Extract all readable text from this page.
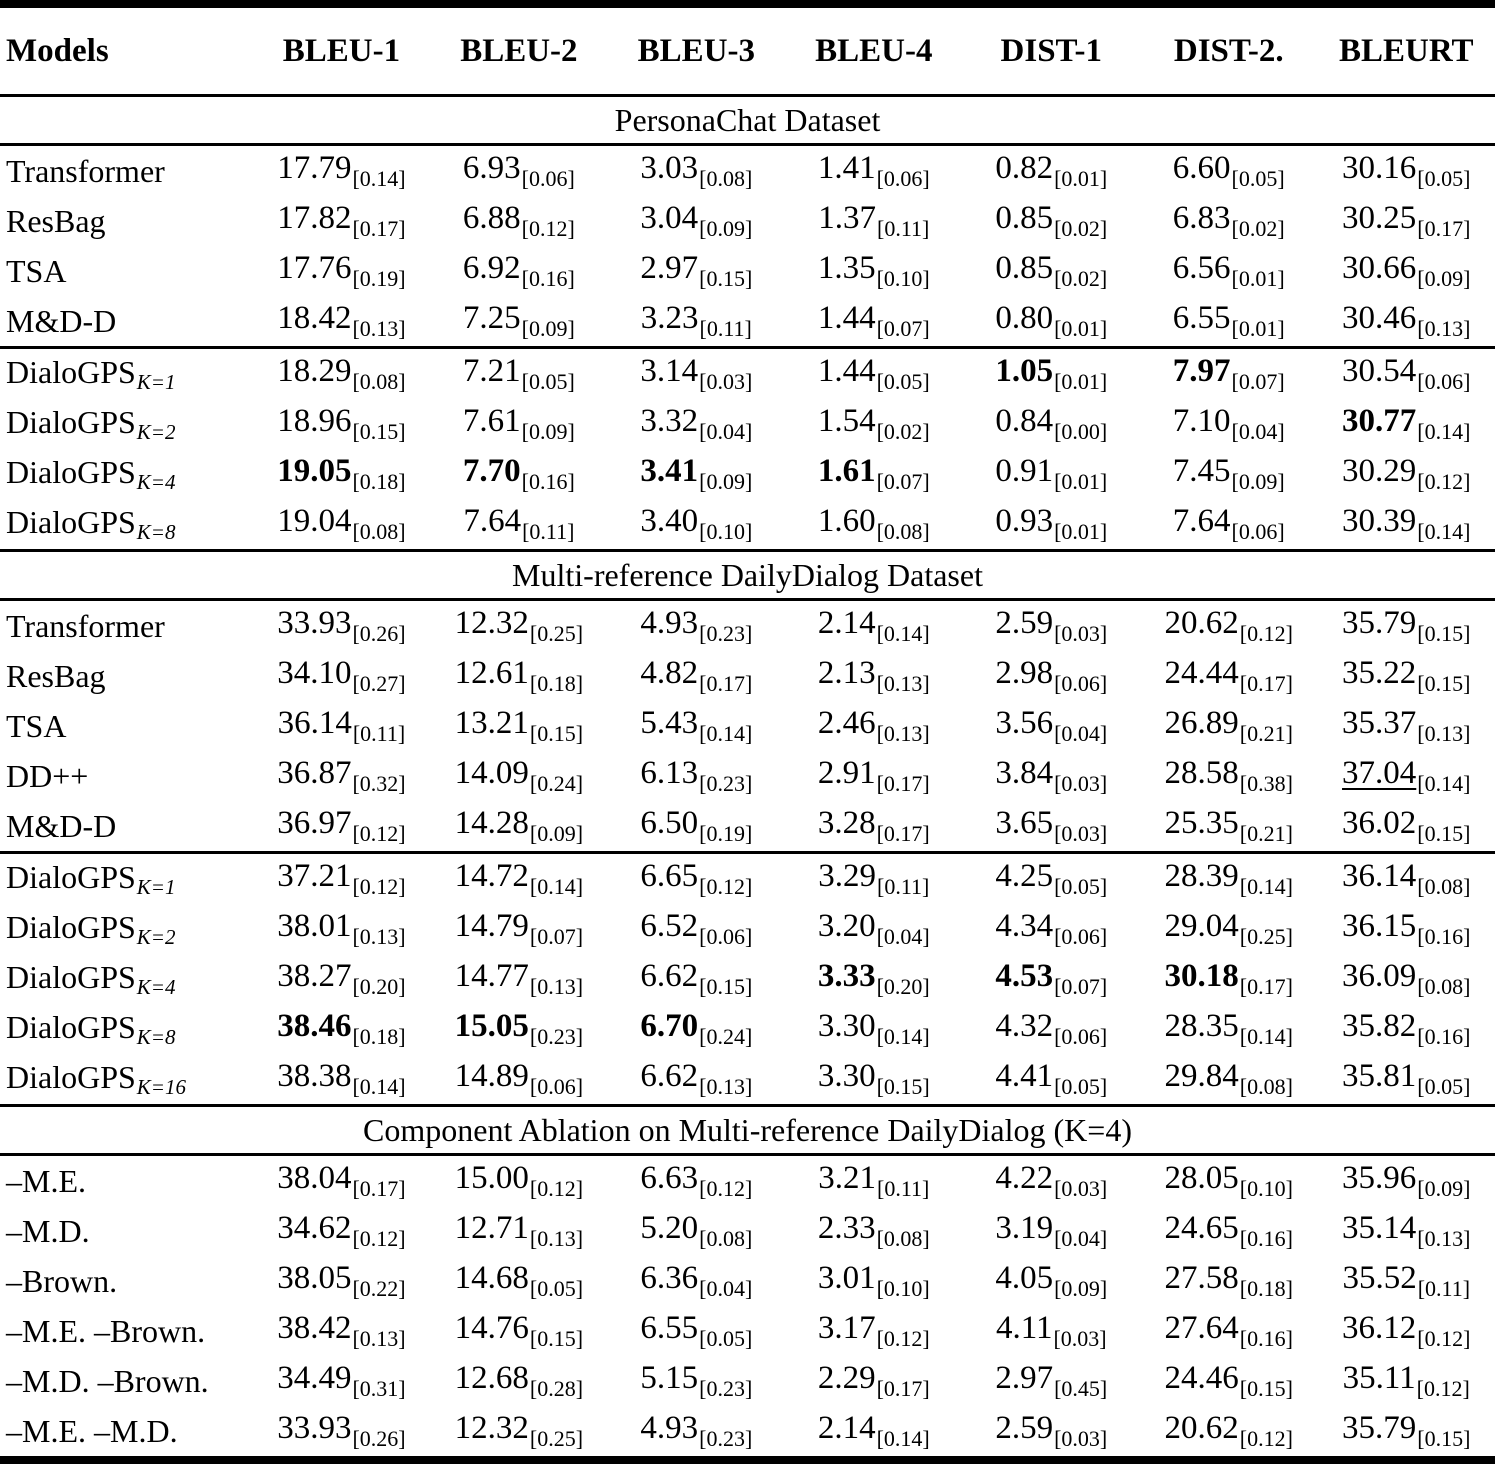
Models	BLEU-1	BLEU-2	BLEU-3	BLEU-4	DIST-1	DIST-2.	BLEURT
PersonaChat Dataset							
Transformer	$17.79_{[0.14]}$	$6.93_{[0.06]}$	$3.03_{[0.08]}$	$1.41_{[0.06]}$	$0.82_{[0.01]}$	$6.60_{[0.05]}$	$30.16_{[0.05]}$
ResBag	$17.82_{[0.17]}$	$6.88_{[0.12]}$	$3.04_{[0.09]}$	$1.37_{[0.11]}$	$0.85_{[0.02]}$	$6.83_{[0.02]}$	$30.25_{[0.17]}$
TSA	$17.76_{[0.19]}$	$6.92_{[0.16]}$	$2.97_{[0.15]}$	$1.35_{[0.10]}$	$0.85_{[0.02]}$	$6.56_{[0.01]}$	$30.66_{[0.09]}$
M&D-D	$18.42_{[0.13]}$	$7.25_{[0.09]}$	$3.23_{[0.11]}$	$1.44_{[0.07]}$	$0.80_{[0.01]}$	$6.55_{[0.01]}$	$30.46_{[0.13]}$
DialoGPSK=1	$18.29_{[0.08]}$	$7.21_{[0.05]}$	$3.14_{[0.03]}$	$1.44_{[0.05]}$	$1.05_{[0.01]}$	$7.97_{[0.07]}$	$30.54_{[0.06]}$
DialoGPSK=2	$18.96_{[0.15]}$	$7.61_{[0.09]}$	$3.32_{[0.04]}$	$1.54_{[0.02]}$	$0.84_{[0.00]}$	$7.10_{[0.04]}$	$30.77_{[0.14]}$
DialoGPSK=4	$19.05_{[0.18]}$	$7.70_{[0.16]}$	$3.41_{[0.09]}$	$1.61_{[0.07]}$	$0.91_{[0.01]}$	$7.45_{[0.09]}$	$30.29_{[0.12]}$
DialoGPSK=8	$19.04_{[0.08]}$	$7.64_{[0.11]}$	$3.40_{[0.10]}$	$1.60_{[0.08]}$	$0.93_{[0.01]}$	$7.64_{[0.06]}$	$30.39_{[0.14]}$
Multi-reference DailyDialog Dataset							
Transformer	$33.93_{[0.26]}$	$12.32_{[0.25]}$	$4.93_{[0.23]}$	$2.14_{[0.14]}$	$2.59_{[0.03]}$	$20.62_{[0.12]}$	$35.79_{[0.15]}$
ResBag	$34.10_{[0.27]}$	$12.61_{[0.18]}$	$4.82_{[0.17]}$	$2.13_{[0.13]}$	$2.98_{[0.06]}$	$24.44_{[0.17]}$	$35.22_{[0.15]}$
TSA	$36.14_{[0.11]}$	$13.21_{[0.15]}$	$5.43_{[0.14]}$	$2.46_{[0.13]}$	$3.56_{[0.04]}$	$26.89_{[0.21]}$	$35.37_{[0.13]}$
DD++	$36.87_{[0.32]}$	$14.09_{[0.24]}$	$6.13_{[0.23]}$	$2.91_{[0.17]}$	$3.84_{[0.03]}$	$28.58_{[0.38]}$	$37.04_{[0.14]}$
M&D-D	$36.97_{[0.12]}$	$14.28_{[0.09]}$	$6.50_{[0.19]}$	$3.28_{[0.17]}$	$3.65_{[0.03]}$	$25.35_{[0.21]}$	$36.02_{[0.15]}$
DialoGPSK=1	$37.21_{[0.12]}$	$14.72_{[0.14]}$	$6.65_{[0.12]}$	$3.29_{[0.11]}$	$4.25_{[0.05]}$	$28.39_{[0.14]}$	$36.14_{[0.08]}$
DialoGPSK=2	$38.01_{[0.13]}$	$14.79_{[0.07]}$	$6.52_{[0.06]}$	$3.20_{[0.04]}$	$4.34_{[0.06]}$	$29.04_{[0.25]}$	$36.15_{[0.16]}$
DialoGPSK=4	$38.27_{[0.20]}$	$14.77_{[0.13]}$	$6.62_{[0.15]}$	$3.33_{[0.20]}$	$4.53_{[0.07]}$	$30.18_{[0.17]}$	$36.09_{[0.08]}$
DialoGPSK=8	$38.46_{[0.18]}$	$15.05_{[0.23]}$	$6.70_{[0.24]}$	$3.30_{[0.14]}$	$4.32_{[0.06]}$	$28.35_{[0.14]}$	$35.82_{[0.16]}$
DialoGPSK=16	$38.38_{[0.14]}$	$14.89_{[0.06]}$	$6.62_{[0.13]}$	$3.30_{[0.15]}$	$4.41_{[0.05]}$	$29.84_{[0.08]}$	$35.81_{[0.05]}$
Component Ablation on Multi-reference DailyDialog (K=4)							
–M.E.	$38.04_{[0.17]}$	$15.00_{[0.12]}$	$6.63_{[0.12]}$	$3.21_{[0.11]}$	$4.22_{[0.03]}$	$28.05_{[0.10]}$	$35.96_{[0.09]}$
–M.D.	$34.62_{[0.12]}$	$12.71_{[0.13]}$	$5.20_{[0.08]}$	$2.33_{[0.08]}$	$3.19_{[0.04]}$	$24.65_{[0.16]}$	$35.14_{[0.13]}$
–Brown.	$38.05_{[0.22]}$	$14.68_{[0.05]}$	$6.36_{[0.04]}$	$3.01_{[0.10]}$	$4.05_{[0.09]}$	$27.58_{[0.18]}$	$35.52_{[0.11]}$
–M.E. –Brown.	$38.42_{[0.13]}$	$14.76_{[0.15]}$	$6.55_{[0.05]}$	$3.17_{[0.12]}$	$4.11_{[0.03]}$	$27.64_{[0.16]}$	$36.12_{[0.12]}$
–M.D. –Brown.	$34.49_{[0.31]}$	$12.68_{[0.28]}$	$5.15_{[0.23]}$	$2.29_{[0.17]}$	$2.97_{[0.45]}$	$24.46_{[0.15]}$	$35.11_{[0.12]}$
–M.E. –M.D.	$33.93_{[0.26]}$	$12.32_{[0.25]}$	$4.93_{[0.23]}$	$2.14_{[0.14]}$	$2.59_{[0.03]}$	$20.62_{[0.12]}$	$35.79_{[0.15]}$
